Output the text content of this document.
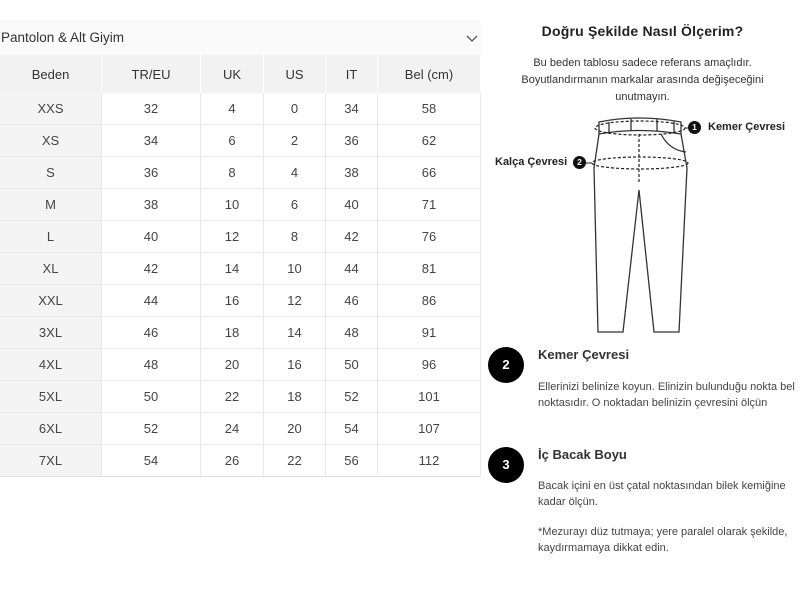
Pantolon & Alt Giyim
Beden	TR/EU	UK	US	IT	Bel (cm)
XXS	32	4	0	34	58
XS	34	6	2	36	62
S	36	8	4	38	66
M	38	10	6	40	71
L	40	12	8	42	76
XL	42	14	10	44	81
XXL	44	16	12	46	86
3XL	46	18	14	48	91
4XL	48	20	16	50	96
5XL	50	22	18	52	101
6XL	52	24	20	54	107
7XL	54	26	22	56	112
Doğru Şekilde Nasıl Ölçerim?
Bu beden tablosu sadece referans amaçlıdır. Boyutlandırmanın markalar arasında değişeceğini unutmayın.
1	Kemer Çevresi
Kalça Çevresi	2
2
Kemer Çevresi
Ellerinizi belinize koyun. Elinizin bulunduğu nokta bel noktasıdır. O noktadan belinizin çevresini ölçün
3
İç Bacak Boyu
Bacak içini en üst çatal noktasından bilek kemiğine kadar ölçün.
*Mezurayı düz tutmaya; yere paralel olarak şekilde, kaydırmamaya dikkat edin.
